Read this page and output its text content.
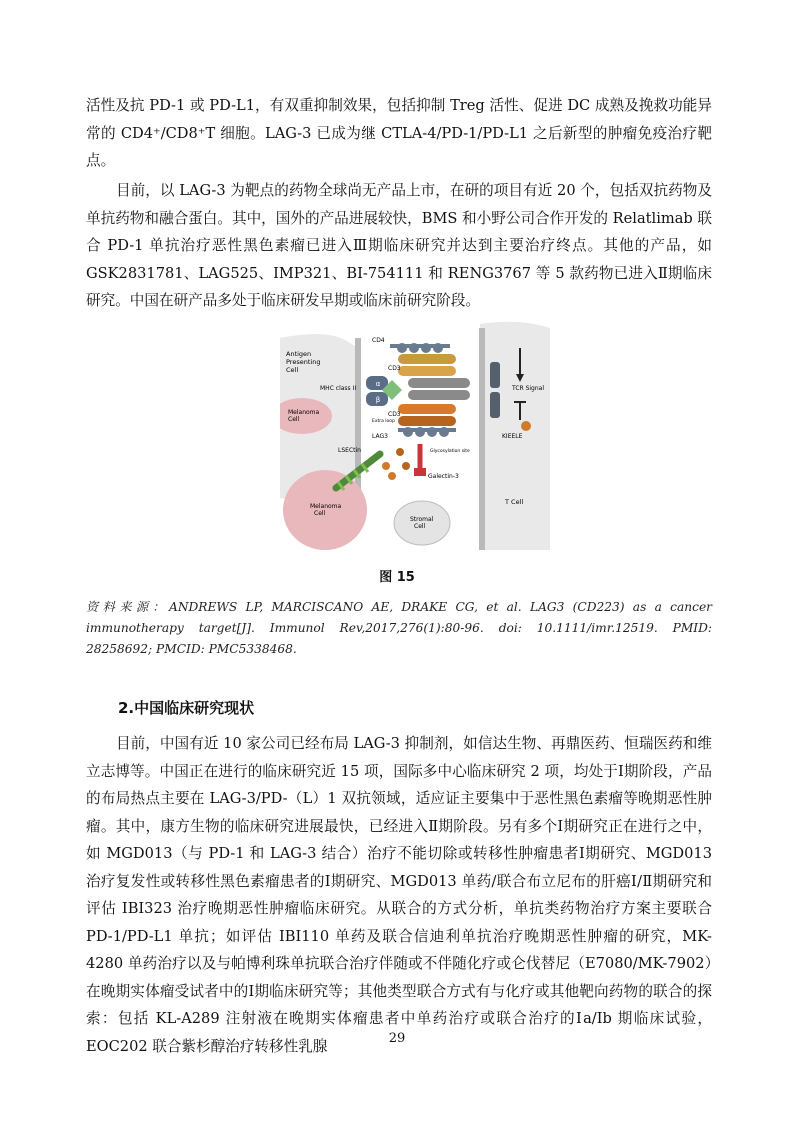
活性及抗 PD-1 或 PD-L1，有双重抑制效果，包括抑制 Treg 活性、促进 DC 成熟及挽救功能异常的 CD4⁺/CD8⁺T 细胞。LAG-3 已成为继 CTLA-4/PD-1/PD-L1 之后新型的肿瘤免疫治疗靶点。

目前，以 LAG-3 为靶点的药物全球尚无产品上市，在研的项目有近 20 个，包括双抗药物及单抗药物和融合蛋白。其中，国外的产品进展较快，BMS 和小野公司合作开发的 Relatlimab 联合 PD-1 单抗治疗恶性黑色素瘤已进入Ⅲ期临床研究并达到主要治疗终点。其他的产品，如 GSK2831781、LAG525、IMP321、BI-754111 和 RENG3767 等 5 款药物已进入Ⅱ期临床研究。中国在研产品多处于临床研发早期或临床前研究阶段。

α
β
Antigen
Presenting
Cell
MHC class II
Melanoma
Cell
Melanoma
Cell
Stromal
Cell
T Cell
CD4
CD3
CD3
LAG3
TCR Signal
KIEELE
LSECtin
Galectin-3
Glycosylation site
Extra loop
图 15
资料来源：ANDREWS LP, MARCISCANO AE, DRAKE CG, et al. LAG3 (CD223) as a cancer immunotherapy target[J]. Immunol Rev,2017,276(1):80-96. doi: 10.1111/imr.12519. PMID: 28258692; PMCID: PMC5338468.
2.中国临床研究现状

目前，中国有近 10 家公司已经布局 LAG-3 抑制剂，如信达生物、再鼎医药、恒瑞医药和维立志博等。中国正在进行的临床研究近 15 项，国际多中心临床研究 2 项，均处于Ⅰ期阶段，产品的布局热点主要在 LAG-3/PD-（L）1 双抗领域，适应证主要集中于恶性黑色素瘤等晚期恶性肿瘤。其中，康方生物的临床研究进展最快，已经进入Ⅱ期阶段。另有多个Ⅰ期研究正在进行之中，如 MGD013（与 PD-1 和 LAG-3 结合）治疗不能切除或转移性肿瘤患者Ⅰ期研究、MGD013 治疗复发性或转移性黑色素瘤患者的Ⅰ期研究、MGD013 单药/联合布立尼布的肝癌Ⅰ/Ⅱ期研究和评估 IBI323 治疗晚期恶性肿瘤临床研究。从联合的方式分析，单抗类药物治疗方案主要联合 PD-1/PD-L1 单抗；如评估 IBI110 单药及联合信迪利单抗治疗晚期恶性肿瘤的研究，MK-4280 单药治疗以及与帕博利珠单抗联合治疗伴随或不伴随化疗或仑伐替尼（E7080/MK-7902）在晚期实体瘤受试者中的Ⅰ期临床研究等；其他类型联合方式有与化疗或其他靶向药物的联合的探索：包括 KL-A289 注射液在晚期实体瘤患者中单药治疗或联合治疗的Ⅰa/Ib 期临床试验，EOC202 联合紫杉醇治疗转移性乳腺	29
